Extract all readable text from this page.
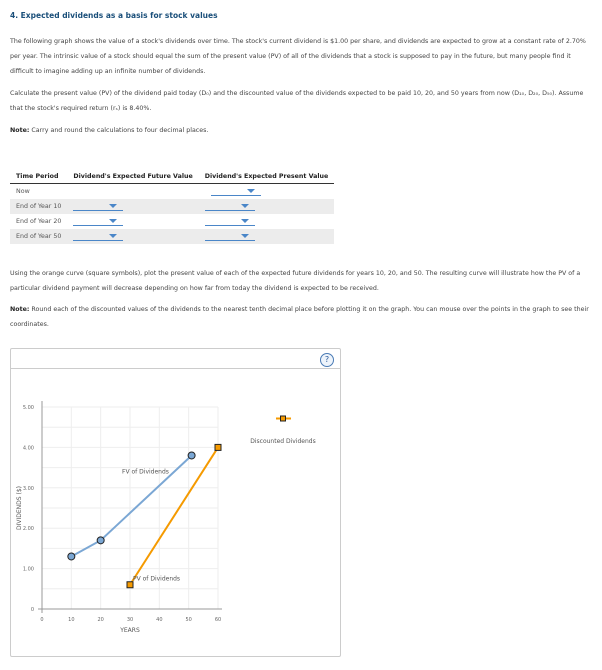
4. Expected dividends as a basis for stock values
The following graph shows the value of a stock's dividends over time. The stock's current dividend is $1.00 per share, and dividends are expected to grow at a constant rate of 2.70% per year. The intrinsic value of a stock should equal the sum of the present value (PV) of all of the dividends that a stock is supposed to pay in the future, but many people find it difficult to imagine adding up an infinite number of dividends.
Calculate the present value (PV) of the dividend paid today (D₀) and the discounted value of the dividends expected to be paid 10, 20, and 50 years from now (D₁₀, D₂₀, D₅₀). Assume that the stock's required return (rₛ) is 8.40%.
Note: Carry and round the calculations to four decimal places.
Time Period	Dividend's Expected Future Value	Dividend's Expected Present Value
Now		
End of Year 10		
End of Year 20		
End of Year 50		
Using the orange curve (square symbols), plot the present value of each of the expected future dividends for years 10, 20, and 50. The resulting curve will illustrate how the PV of a particular dividend payment will decrease depending on how far from today the dividend is expected to be received.
Note: Round each of the discounted values of the dividends to the nearest tenth decimal place before plotting it on the graph. You can mouse over the points in the graph to see their coordinates.
?
0	10	20	30	40	50	60
0
1.00
2.00
3.00
4.00
5.00
YEARS
DIVIDENDS ($)
FV of Dividends
PV of Dividends
Discounted Dividends
